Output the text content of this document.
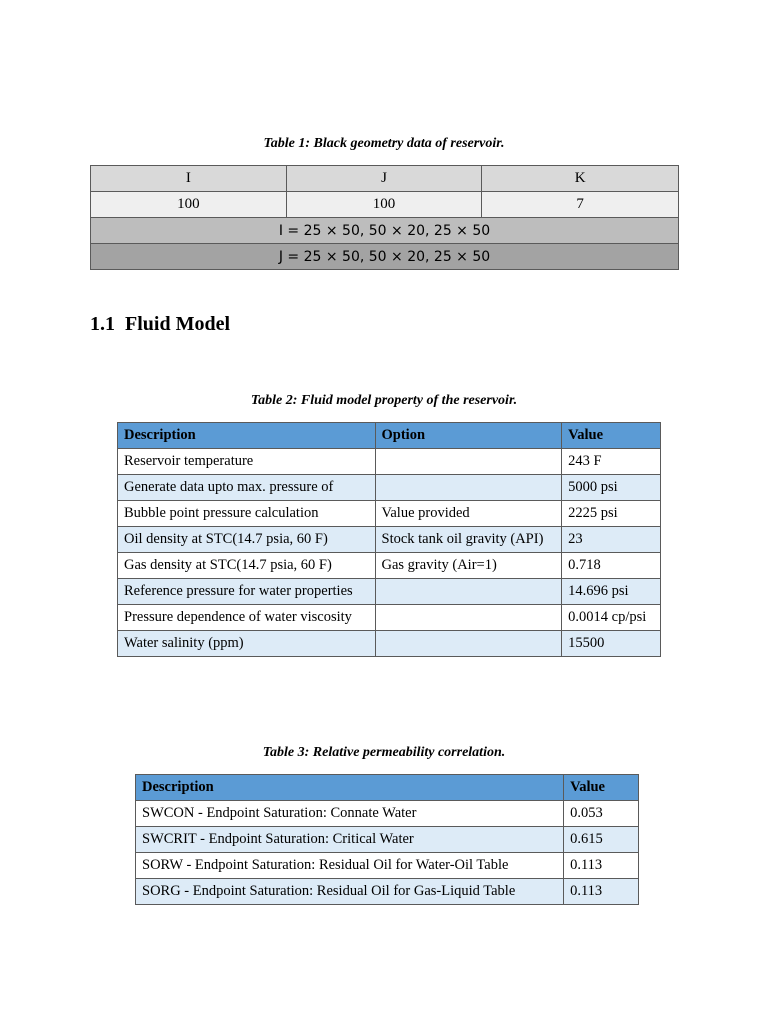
Table 1: Black geometry data of reservoir.
I	J	K
100	100	7
I = 25 × 50, 50 × 20, 25 × 50		
J = 25 × 50, 50 × 20, 25 × 50		
1.1 Fluid Model
Table 2: Fluid model property of the reservoir.
Description	Option	Value
Reservoir temperature		243 F
Generate data upto max. pressure of		5000 psi
Bubble point pressure calculation	Value provided	2225 psi
Oil density at STC(14.7 psia, 60 F)	Stock tank oil gravity (API)	23
Gas density at STC(14.7 psia, 60 F)	Gas gravity (Air=1)	0.718
Reference pressure for water properties		14.696 psi
Pressure dependence of water viscosity		0.0014 cp/psi
Water salinity (ppm)		15500
Table 3: Relative permeability correlation.
Description	Value
SWCON - Endpoint Saturation: Connate Water	0.053
SWCRIT - Endpoint Saturation: Critical Water	0.615
SORW - Endpoint Saturation: Residual Oil for Water-Oil Table	0.113
SORG - Endpoint Saturation: Residual Oil for Gas-Liquid Table	0.113
